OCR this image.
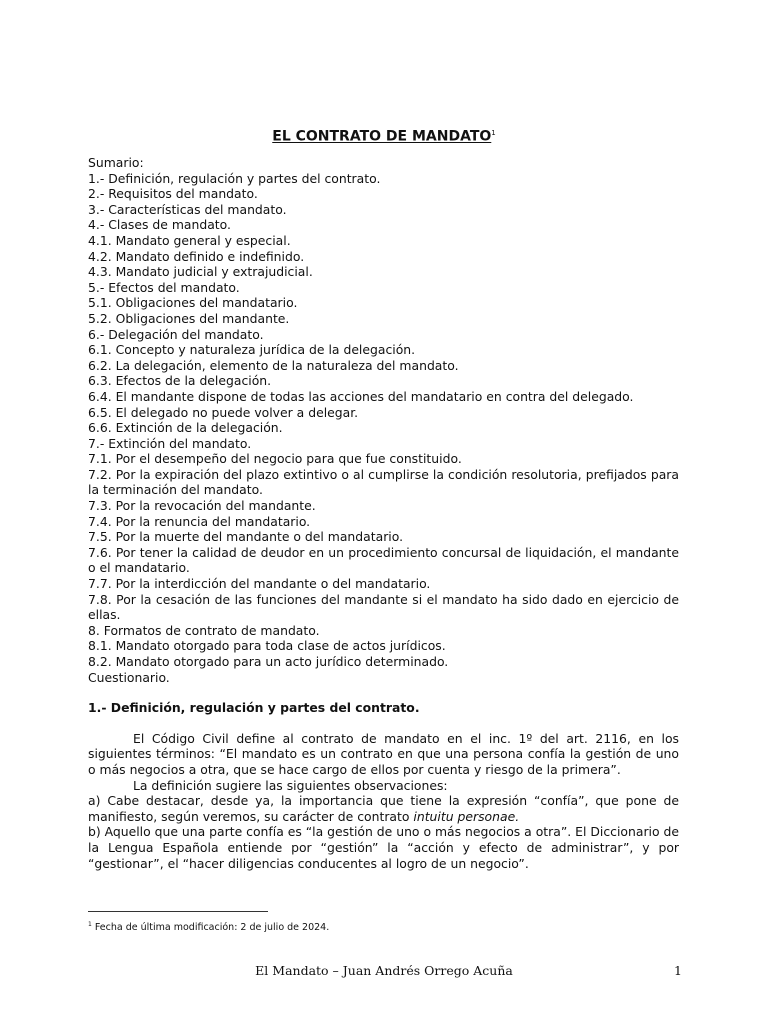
EL CONTRATO DE MANDATO$^1$
Sumario:
1.- Definición, regulación y partes del contrato.
2.- Requisitos del mandato.
3.- Características del mandato.
4.- Clases de mandato.
4.1. Mandato general y especial.
4.2. Mandato definido e indefinido.
4.3. Mandato judicial y extrajudicial.
5.- Efectos del mandato.
5.1. Obligaciones del mandatario.
5.2. Obligaciones del mandante.
6.- Delegación del mandato.
6.1. Concepto y naturaleza jurídica de la delegación.
6.2. La delegación, elemento de la naturaleza del mandato.
6.3. Efectos de la delegación.
6.4. El mandante dispone de todas las acciones del mandatario en contra del delegado.
6.5. El delegado no puede volver a delegar.
6.6. Extinción de la delegación.
7.- Extinción del mandato.
7.1. Por el desempeño del negocio para que fue constituido.
7.2. Por la expiración del plazo extintivo o al cumplirse la condición resolutoria, prefijados para la terminación del mandato.
7.3. Por la revocación del mandante.
7.4. Por la renuncia del mandatario.
7.5. Por la muerte del mandante o del mandatario.
7.6. Por tener la calidad de deudor en un procedimiento concursal de liquidación, el mandante o el mandatario.
7.7. Por la interdicción del mandante o del mandatario.
7.8. Por la cesación de las funciones del mandante si el mandato ha sido dado en ejercicio de ellas.
8. Formatos de contrato de mandato.
8.1. Mandato otorgado para toda clase de actos jurídicos.
8.2. Mandato otorgado para un acto jurídico determinado.
Cuestionario.
1.- Definición, regulación y partes del contrato.
El Código Civil define al contrato de mandato en el inc. 1º del art. 2116, en los siguientes términos: “El mandato es un contrato en que una persona confía la gestión de uno o más negocios a otra, que se hace cargo de ellos por cuenta y riesgo de la primera”.
La definición sugiere las siguientes observaciones:
a) Cabe destacar, desde ya, la importancia que tiene la expresión “confía”, que pone de manifiesto, según veremos, su carácter de contrato intuitu personae.
b) Aquello que una parte confía es “la gestión de uno o más negocios a otra”. El Diccionario de la Lengua Española entiende por “gestión” la “acción y efecto de administrar”, y por “gestionar”, el “hacer diligencias conducentes al logro de un negocio”.
$^1$ Fecha de última modificación: 2 de julio de 2024.
El Mandato – Juan Andrés Orrego Acuña	1
